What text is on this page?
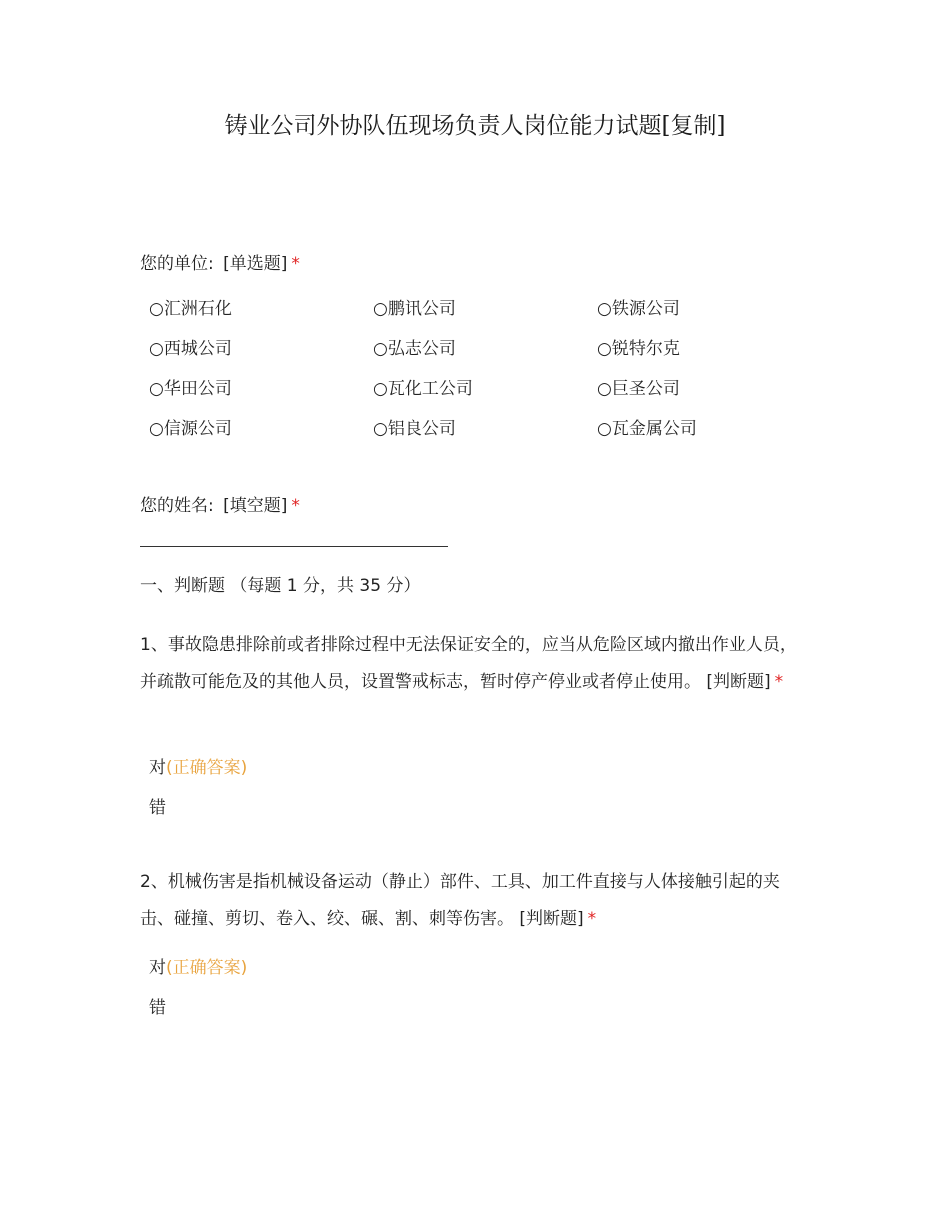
铸业公司外协队伍现场负责人岗位能力试题[复制]
您的单位: [单选题] *
○汇洲石化	○鹏讯公司	○铁源公司
○西城公司	○弘志公司	○锐特尔克
○华田公司	○瓦化工公司	○巨圣公司
○信源公司	○铝良公司	○瓦金属公司
您的姓名: [填空题] *
一、判断题 （每题 1 分，共 35 分）
1、事故隐患排除前或者排除过程中无法保证安全的，应当从危险区域内撤出作业人员，并疏散可能危及的其他人员，设置警戒标志，暂时停产停业或者停止使用。 [判断题] *
对(正确答案)
错
2、机械伤害是指机械设备运动（静止）部件、工具、加工件直接与人体接触引起的夹击、碰撞、剪切、卷入、绞、碾、割、刺等伤害。 [判断题] *
对(正确答案)
错
